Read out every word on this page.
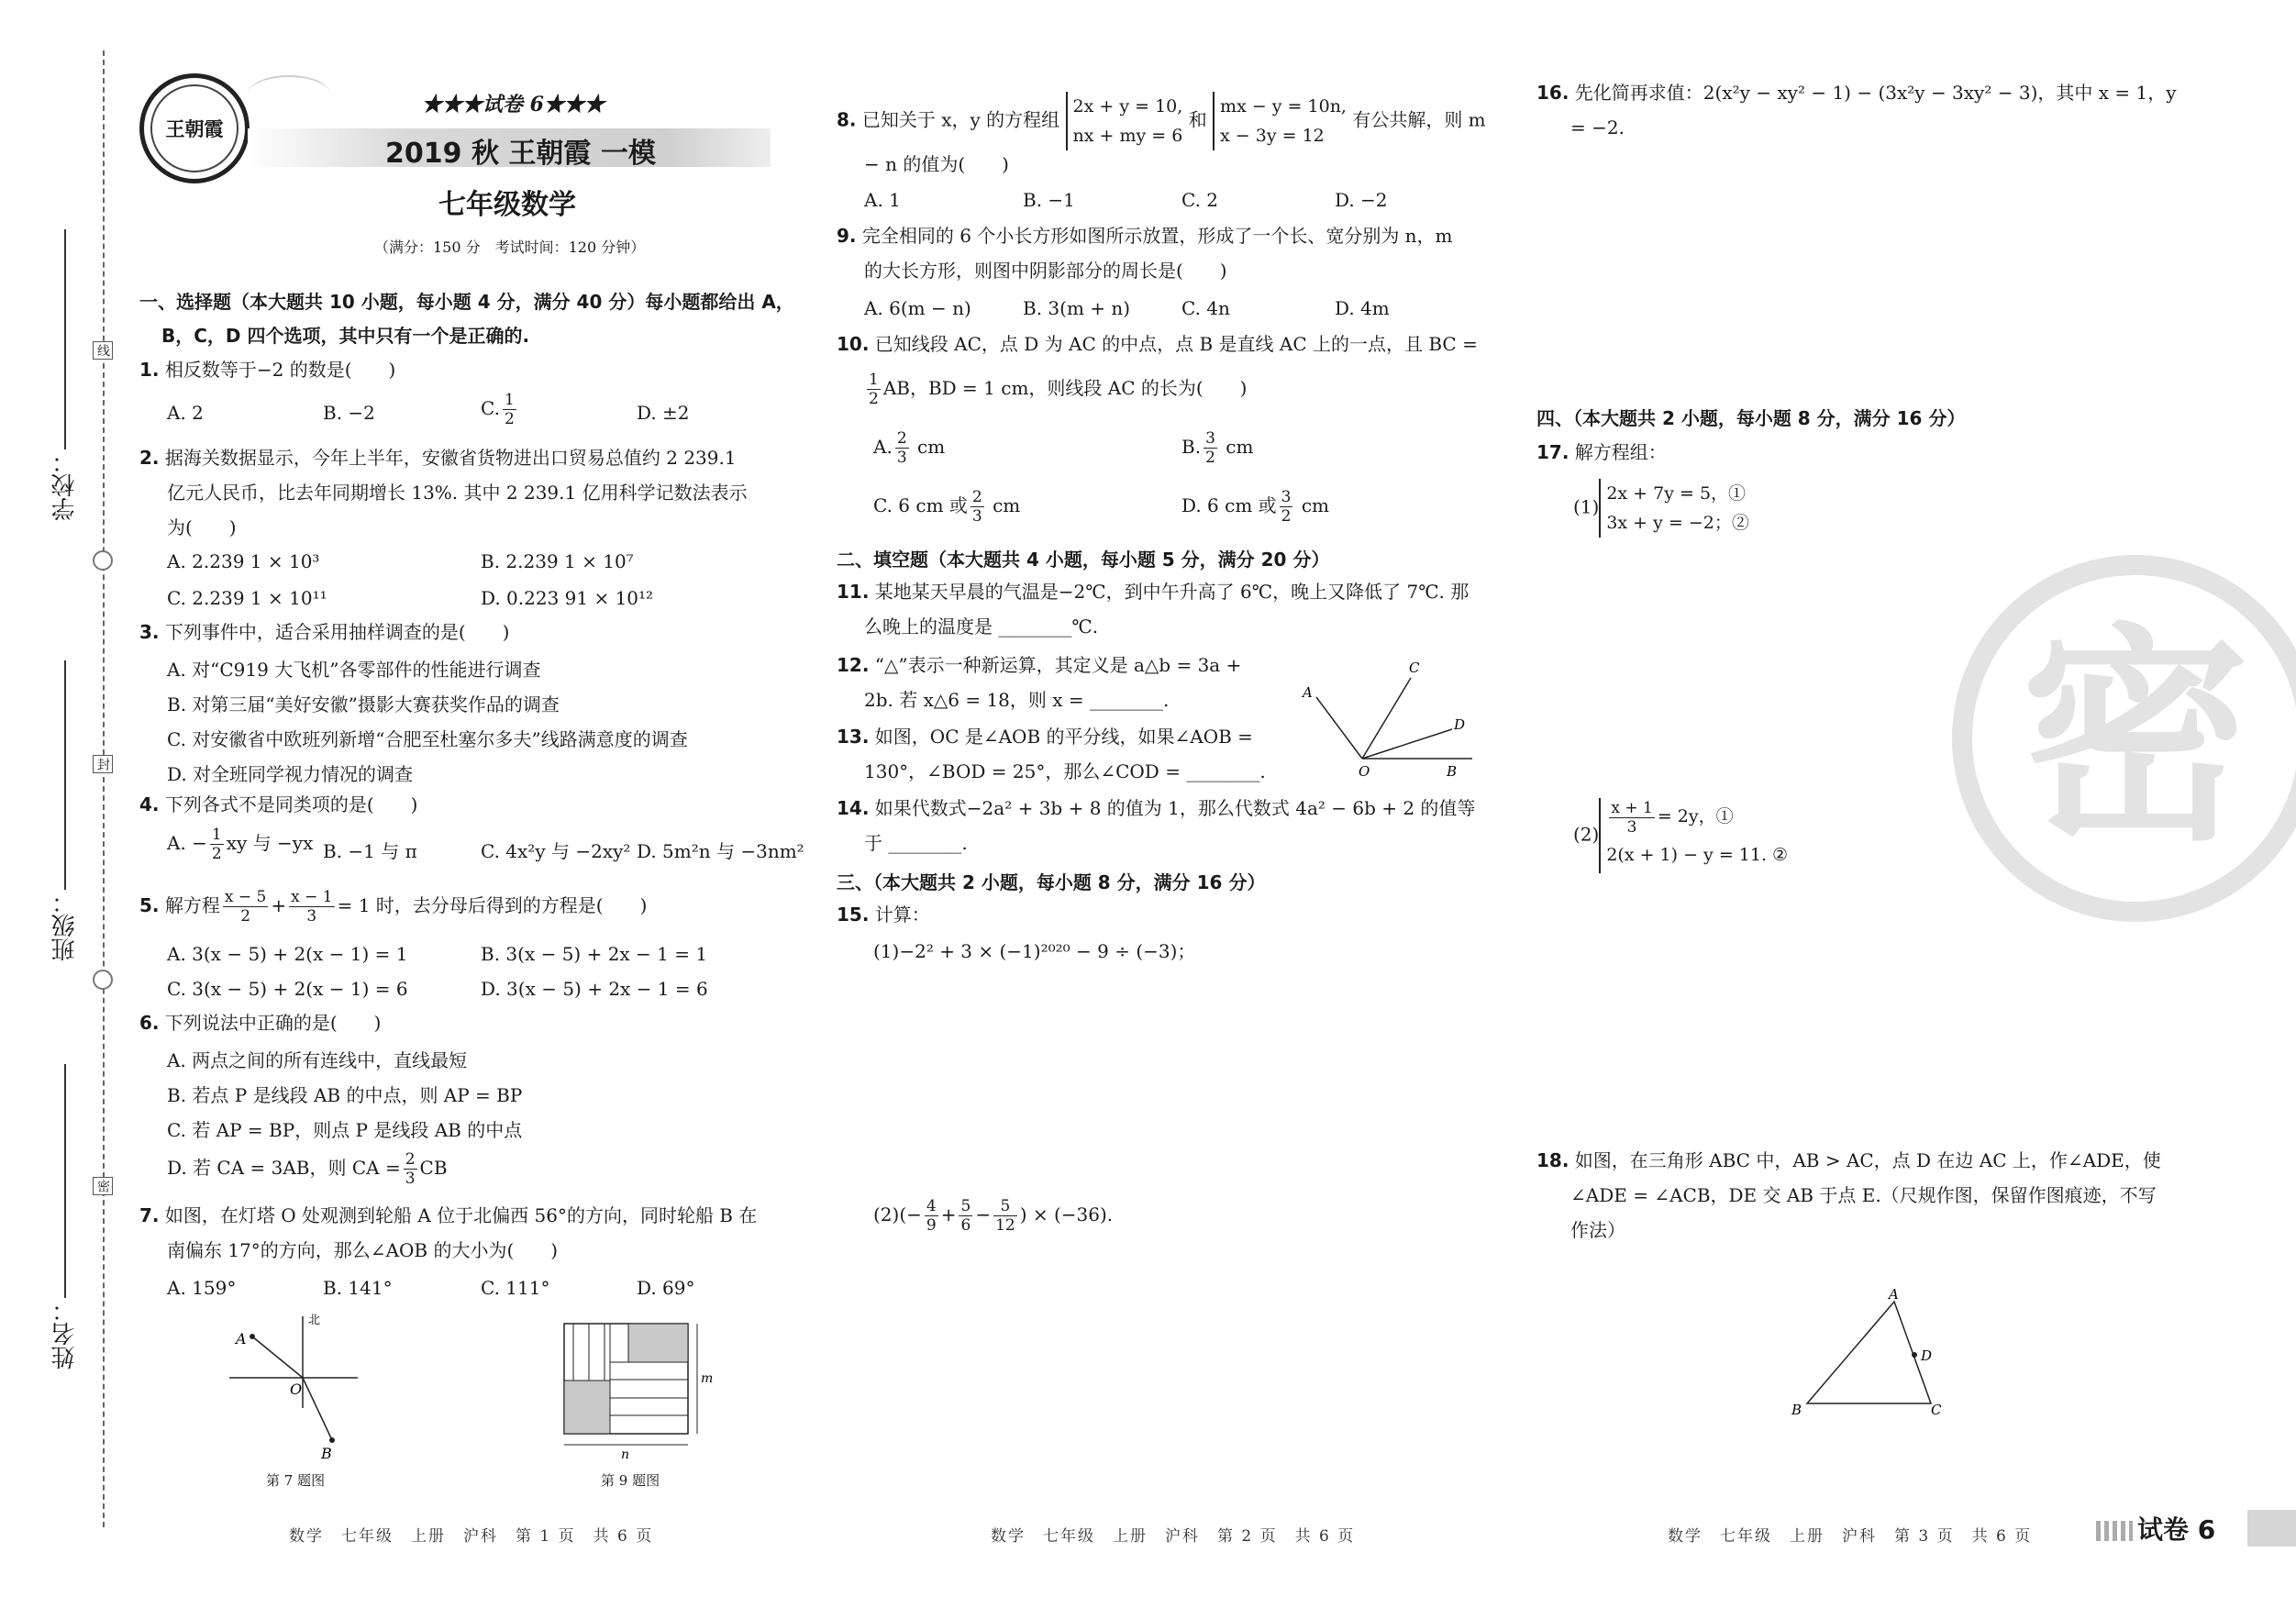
线
封
密
学校：
班级：
姓名：
王朝霞
★★★试卷 6★★★
2019 秋 王朝霞 一模
七年级数学
（满分：150 分　考试时间：120 分钟）
一、选择题（本大题共 10 小题，每小题 4 分，满分 40 分）每小题都给出 A，
B，C，D 四个选项，其中只有一个是正确的.
1. 相反数等于−2 的数是(　　)
A. 2	B. −2	C. $\frac{1}{2}$	D. ±2
2. 据海关数据显示，今年上半年，安徽省货物进出口贸易总值约 2 239.1
亿元人民币，比去年同期增长 13%. 其中 2 239.1 亿用科学记数法表示
为(　　)
A. 2.239 1 × 10³	B. 2.239 1 × 10⁷
C. 2.239 1 × 10¹¹	D. 0.223 91 × 10¹²
3. 下列事件中，适合采用抽样调查的是(　　)
A. 对“C919 大飞机”各零部件的性能进行调查
B. 对第三届“美好安徽”摄影大赛获奖作品的调查
C. 对安徽省中欧班列新增“合肥至杜塞尔多夫”线路满意度的调查
D. 对全班同学视力情况的调查
4. 下列各式不是同类项的是(　　)
A. − $\frac{1}{2}$ xy 与 −yx B. −1 与 π	C. 4x²y 与 −2xy² D. 5m²n 与 −3nm²
5. 解方程 $\frac{x - 5}{2} + \frac{x - 1}{3} = 1$ 时，去分母后得到的方程是(　　)
A. 3(x − 5) + 2(x − 1) = 1	B. 3(x − 5) + 2x − 1 = 1
C. 3(x − 5) + 2(x − 1) = 6	D. 3(x − 5) + 2x − 1 = 6
6. 下列说法中正确的是(　　)
A. 两点之间的所有连线中，直线最短
B. 若点 P 是线段 AB 的中点，则 AP = BP
C. 若 AP = BP，则点 P 是线段 AB 的中点
D. 若 CA = 3AB，则 CA = $\frac{2}{3}$ CB
7. 如图，在灯塔 O 处观测到轮船 A 位于北偏西 56°的方向，同时轮船 B 在
南偏东 17°的方向，那么∠AOB 的大小为(　　)
A. 159°	B. 141°	C. 111°	D. 69°
北
A
O
B
第 7 题图
m
n
第 9 题图
8. 已知关于 x，y 的方程组
2x + y = 10,
nx + my = 6
和
mx − y = 10n,
x − 3y = 12
有公共解，则 m
− n 的值为(　　)
A. 1	B. −1	C. 2	D. −2
9. 完全相同的 6 个小长方形如图所示放置，形成了一个长、宽分别为 n，m
的大长方形，则图中阴影部分的周长是(　　)
A. 6(m − n)	B. 3(m + n)	C. 4n	D. 4m
10. 已知线段 AC，点 D 为 AC 的中点，点 B 是直线 AC 上的一点，且 BC =
$\frac{1}{2}$ AB，BD = 1 cm，则线段 AC 的长为(　　)
A. $\frac{2}{3}$ cm	B. $\frac{3}{2}$ cm
C. 6 cm 或 $\frac{2}{3}$ cm	D. 6 cm 或 $\frac{3}{2}$ cm
二、填空题（本大题共 4 小题，每小题 5 分，满分 20 分）
11. 某地某天早晨的气温是−2℃，到中午升高了 6℃，晚上又降低了 7℃. 那
么晚上的温度是 ________℃.
12. “△”表示一种新运算，其定义是 a△b = 3a +
2b. 若 x△6 = 18，则 x = ________.
13. 如图，OC 是∠AOB 的平分线，如果∠AOB =
130°，∠BOD = 25°，那么∠COD = ________.
A
C
D
O	B
14. 如果代数式−2a² + 3b + 8 的值为 1，那么代数式 4a² − 6b + 2 的值等
于 ________.
三、（本大题共 2 小题，每小题 8 分，满分 16 分）
15. 计算：
(1)−2² + 3 × (−1)²⁰²⁰ − 9 ÷ (−3)；
$(2)(- \frac{4}{9} + \frac{5}{6} - \frac{5}{12}$ ) × (−36).
16. 先化简再求值：2(x²y − xy² − 1) − (3x²y − 3xy² − 3)，其中 x = 1，y
= −2.
密
四、（本大题共 2 小题，每小题 8 分，满分 16 分）
17. 解方程组：
(1)
2x + 7y = 5，①
3x + y = −2；②
$(2) \frac{x + 1}{3} = 2y$，①
2(x + 1) − y = 11. ②
18. 如图，在三角形 ABC 中，AB > AC，点 D 在边 AC 上，作∠ADE，使
∠ADE = ∠ACB，DE 交 AB 于点 E.（尺规作图，保留作图痕迹，不写
作法）
A
B	C
D
数学　七年级　上册　沪科　第 1 页　共 6 页	数学　七年级　上册　沪科　第 2 页　共 6 页	数学　七年级　上册　沪科　第 3 页　共 6 页	试卷 6
